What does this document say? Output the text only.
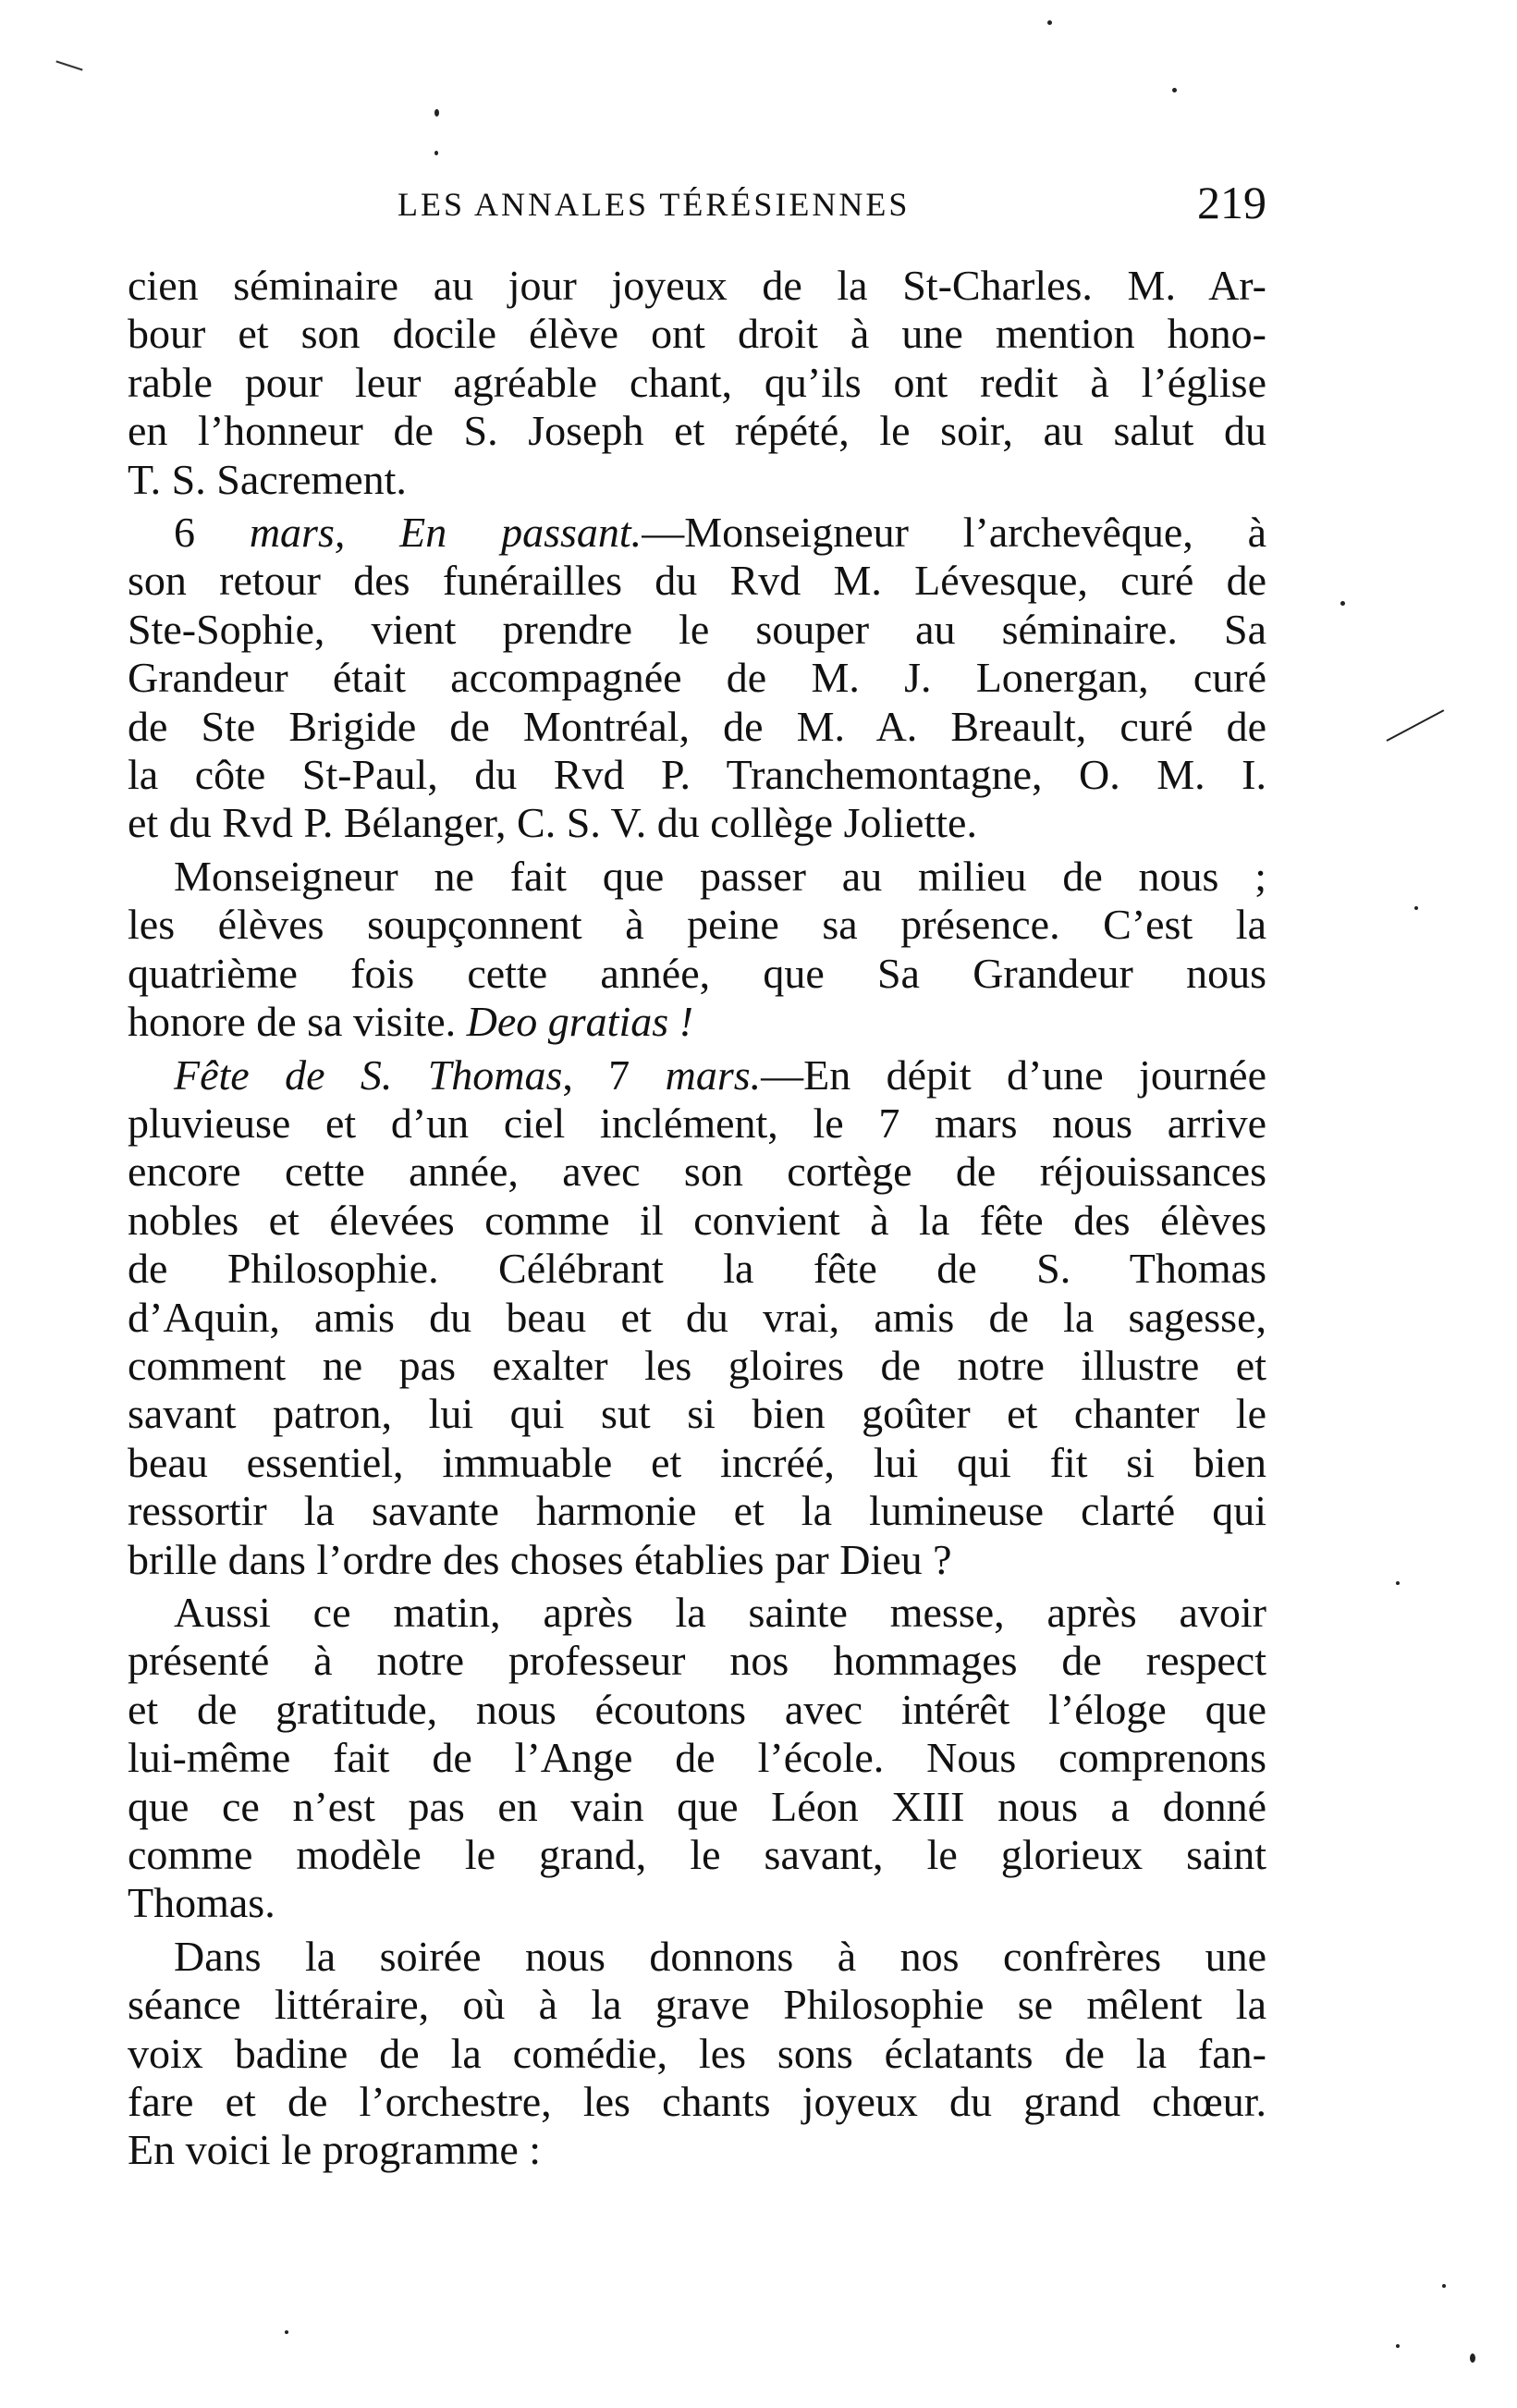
LES ANNALES TÉRÉSIENNES	219

cien séminaire au jour joyeux de la St-Charles. M. Ar-
bour et son docile élève ont droit à une mention hono-
rable pour leur agréable chant, qu’ils ont redit à l’église
en l’honneur de S. Joseph et répété, le soir, au salut du
T. S. Sacrement.

6 mars, En passant.—Monseigneur l’archevêque, à
son retour des funérailles du Rvd M. Lévesque, curé de
Ste-Sophie, vient prendre le souper au séminaire. Sa
Grandeur était accompagnée de M. J. Lonergan, curé
de Ste Brigide de Montréal, de M. A. Breault, curé de
la côte St-Paul, du Rvd P. Tranchemontagne, O. M. I.
et du Rvd P. Bélanger, C. S. V. du collège Joliette.

Monseigneur ne fait que passer au milieu de nous ;
les élèves soupçonnent à peine sa présence. C’est la
quatrième fois cette année, que Sa Grandeur nous
honore de sa visite. Deo gratias !

Fête de S. Thomas, 7 mars.—En dépit d’une journée
pluvieuse et d’un ciel inclément, le 7 mars nous arrive
encore cette année, avec son cortège de réjouissances
nobles et élevées comme il convient à la fête des élèves
de Philosophie. Célébrant la fête de S. Thomas
d’Aquin, amis du beau et du vrai, amis de la sagesse,
comment ne pas exalter les gloires de notre illustre et
savant patron, lui qui sut si bien goûter et chanter le
beau essentiel, immuable et incréé, lui qui fit si bien
ressortir la savante harmonie et la lumineuse clarté qui
brille dans l’ordre des choses établies par Dieu ?

Aussi ce matin, après la sainte messe, après avoir
présenté à notre professeur nos hommages de respect
et de gratitude, nous écoutons avec intérêt l’éloge que
lui-même fait de l’Ange de l’école. Nous comprenons
que ce n’est pas en vain que Léon XIII nous a donné
comme modèle le grand, le savant, le glorieux saint
Thomas.

Dans la soirée nous donnons à nos confrères une
séance littéraire, où à la grave Philosophie se mêlent la
voix badine de la comédie, les sons éclatants de la fan-
fare et de l’orchestre, les chants joyeux du grand chœur.
En voici le programme :
